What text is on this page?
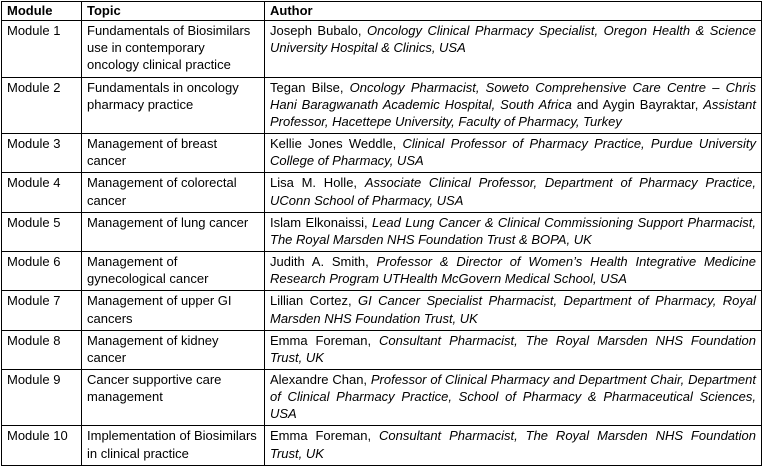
Module	Topic	Author
Module 1	Fundamentals of Biosimilars use in contemporary oncology clinical practice	Joseph Bubalo, Oncology Clinical Pharmacy Specialist, Oregon Health & Science University Hospital & Clinics, USA
Module 2	Fundamentals in oncology pharmacy practice	Tegan Bilse, Oncology Pharmacist, Soweto Comprehensive Care Centre – Chris Hani Baragwanath Academic Hospital, South Africa and Aygin Bayraktar, Assistant Professor, Hacettepe University, Faculty of Pharmacy, Turkey
Module 3	Management of breast cancer	Kellie Jones Weddle, Clinical Professor of Pharmacy Practice, Purdue University College of Pharmacy, USA
Module 4	Management of colorectal cancer	Lisa M. Holle, Associate Clinical Professor, Department of Pharmacy Practice, UConn School of Pharmacy, USA
Module 5	Management of lung cancer	Islam Elkonaissi, Lead Lung Cancer & Clinical Commissioning Support Pharmacist, The Royal Marsden NHS Foundation Trust & BOPA, UK
Module 6	Management of gynecological cancer	Judith A. Smith, Professor & Director of Women’s Health Integrative Medicine Research Program UTHealth McGovern Medical School, USA
Module 7	Management of upper GI cancers	Lillian Cortez, GI Cancer Specialist Pharmacist, Department of Pharmacy, Royal Marsden NHS Foundation Trust, UK
Module 8	Management of kidney cancer	Emma Foreman, Consultant Pharmacist, The Royal Marsden NHS Foundation Trust, UK
Module 9	Cancer supportive care management	Alexandre Chan, Professor of Clinical Pharmacy and Department Chair, Department of Clinical Pharmacy Practice, School of Pharmacy & Pharmaceutical Sciences, USA
Module 10	Implementation of Biosimilars in clinical practice	Emma Foreman, Consultant Pharmacist, The Royal Marsden NHS Foundation Trust, UK
